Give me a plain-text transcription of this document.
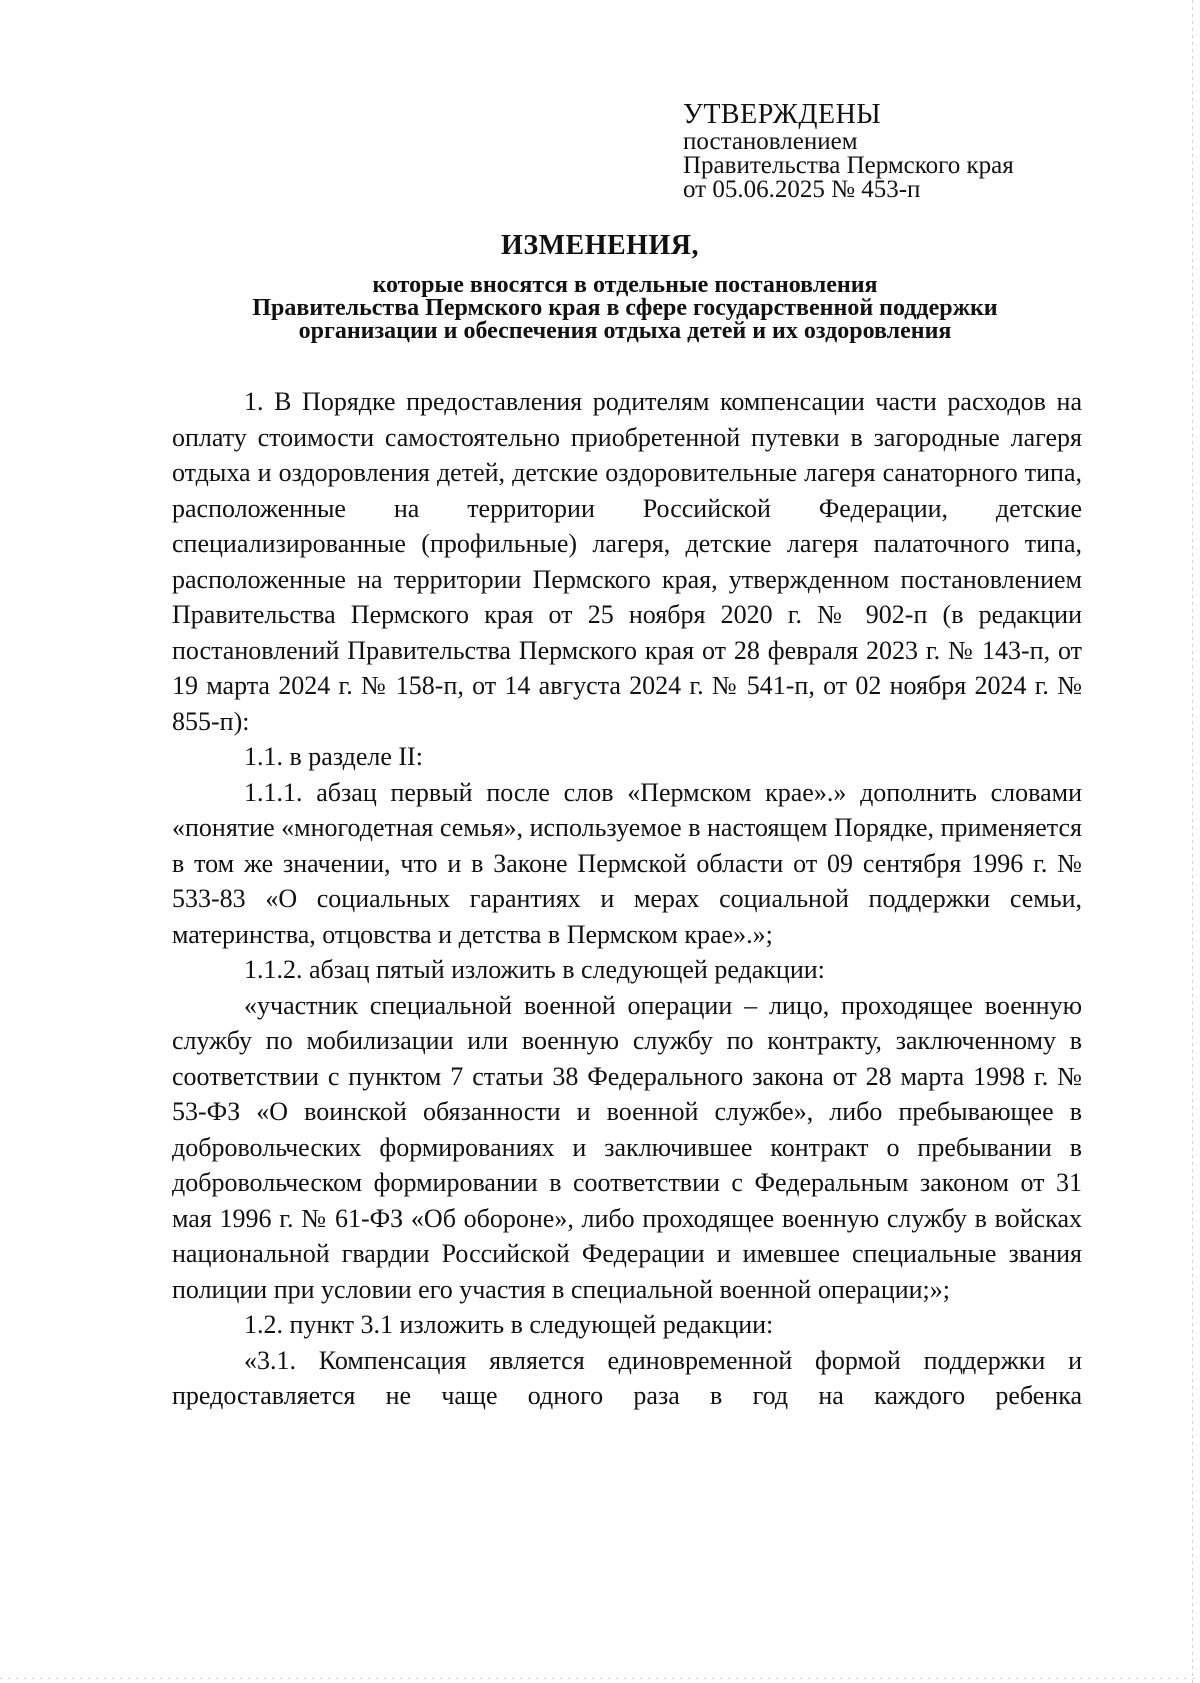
УТВЕРЖДЕНЫ
постановлением
Правительства Пермского края
от 05.06.2025 № 453-п
ИЗМЕНЕНИЯ,
которые вносятся в отдельные постановления
Правительства Пермского края в сфере государственной поддержки
организации и обеспечения отдыха детей и их оздоровления

1. В Порядке предоставления родителям компенсации части расходов на оплату стоимости самостоятельно приобретенной путевки в загородные лагеря отдыха и оздоровления детей, детские оздоровительные лагеря санаторного типа, расположенные на территории Российской Федерации, детские специализированные (профильные) лагеря, детские лагеря палаточного типа, расположенные на территории Пермского края, утвержденном постановлением Правительства Пермского края от 25 ноября 2020 г. № 902-п (в редакции постановлений Правительства Пермского края от 28 февраля 2023 г. № 143-п, от 19 марта 2024 г. № 158-п, от 14 августа 2024 г. № 541-п, от 02 ноября 2024 г. № 855-п):

1.1. в разделе II:

1.1.1. абзац первый после слов «Пермском крае».» дополнить словами «понятие «многодетная семья», используемое в настоящем Порядке, применяется в том же значении, что и в Законе Пермской области от 09 сентября 1996 г. № 533-83 «О социальных гарантиях и мерах социальной поддержки семьи, материнства, отцовства и детства в Пермском крае».»;

1.1.2. абзац пятый изложить в следующей редакции:

«участник специальной военной операции – лицо, проходящее военную службу по мобилизации или военную службу по контракту, заключенному в соответствии с пунктом 7 статьи 38 Федерального закона от 28 марта 1998 г. № 53-ФЗ «О воинской обязанности и военной службе», либо пребывающее в добровольческих формированиях и заключившее контракт о пребывании в добровольческом формировании в соответствии с Федеральным законом от 31 мая 1996 г. № 61-ФЗ «Об обороне», либо проходящее военную службу в войсках национальной гвардии Российской Федерации и имевшее специальные звания полиции при условии его участия в специальной военной операции;»;

1.2. пункт 3.1 изложить в следующей редакции:

«3.1. Компенсация является единовременной формой поддержки и предоставляется не чаще одного раза в год на каждого ребенка
